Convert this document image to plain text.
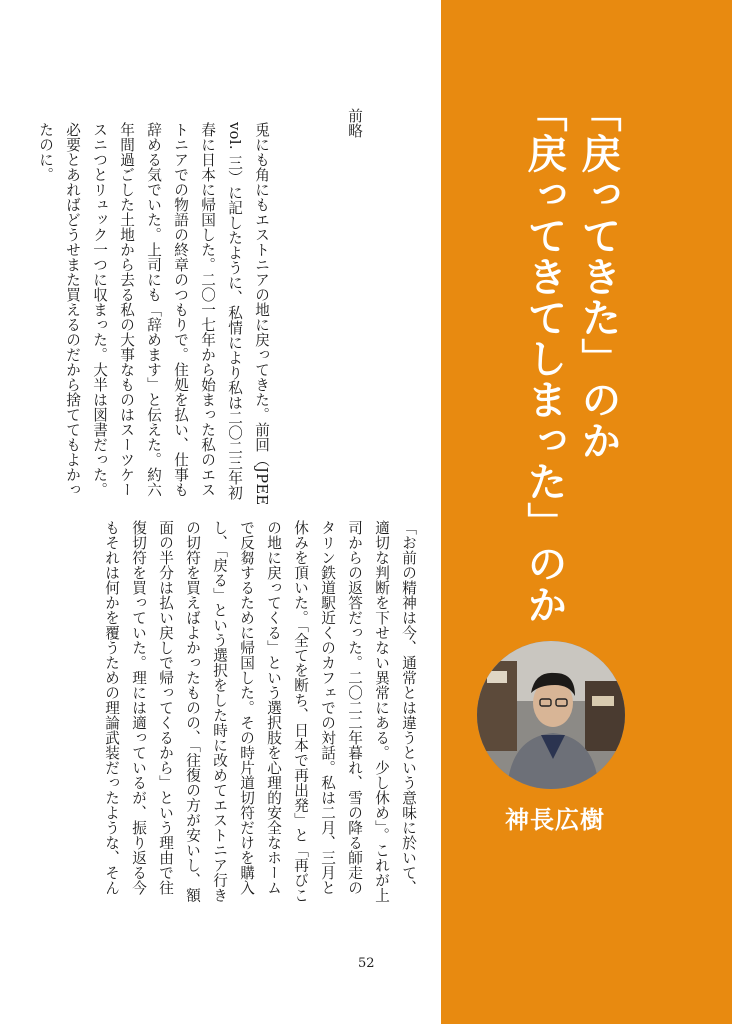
前略

兎にも角にもエストニアの地に戻ってきた。前回（JPEE
vol. 三）に記したように、私情により私は二〇二三年初
春に日本に帰国した。二〇一七年から始まった私のエス
トニアでの物語の終章のつもりで。住処を払い、仕事も
辞める気でいた。上司にも「辞めます」と伝えた。約六
年間過ごした土地から去る私の大事なものはスーツケー
スニつとリュック一つに収まった。大半は図書だった。
必要とあればどうせまた買えるのだから捨ててもよかっ
たのに。

「お前の精神は今、通常とは違うという意味に於いて、
適切な判断を下せない異常にある。少し休め」。これが上
司からの返答だった。二〇二二年暮れ、雪の降る師走の
タリン鉄道駅近くのカフェでの対話。私は二月、三月と
休みを頂いた。「全てを断ち、日本で再出発」と「再びこ
の地に戻ってくる」という選択肢を心理的安全なホーム
で反芻するために帰国した。その時片道切符だけを購入
し、「戻る」という選択をした時に改めてエストニア行き
の切符を買えばよかったものの、「往復の方が安いし、額
面の半分は払い戻しで帰ってくるから」という理由で往
復切符を買っていた。理には適っているが、振り返る今
もそれは何かを覆うための理論武装だったような、そん
52
「戻ってきた」のか
「戻ってきてしまった」のか
神長広樹
